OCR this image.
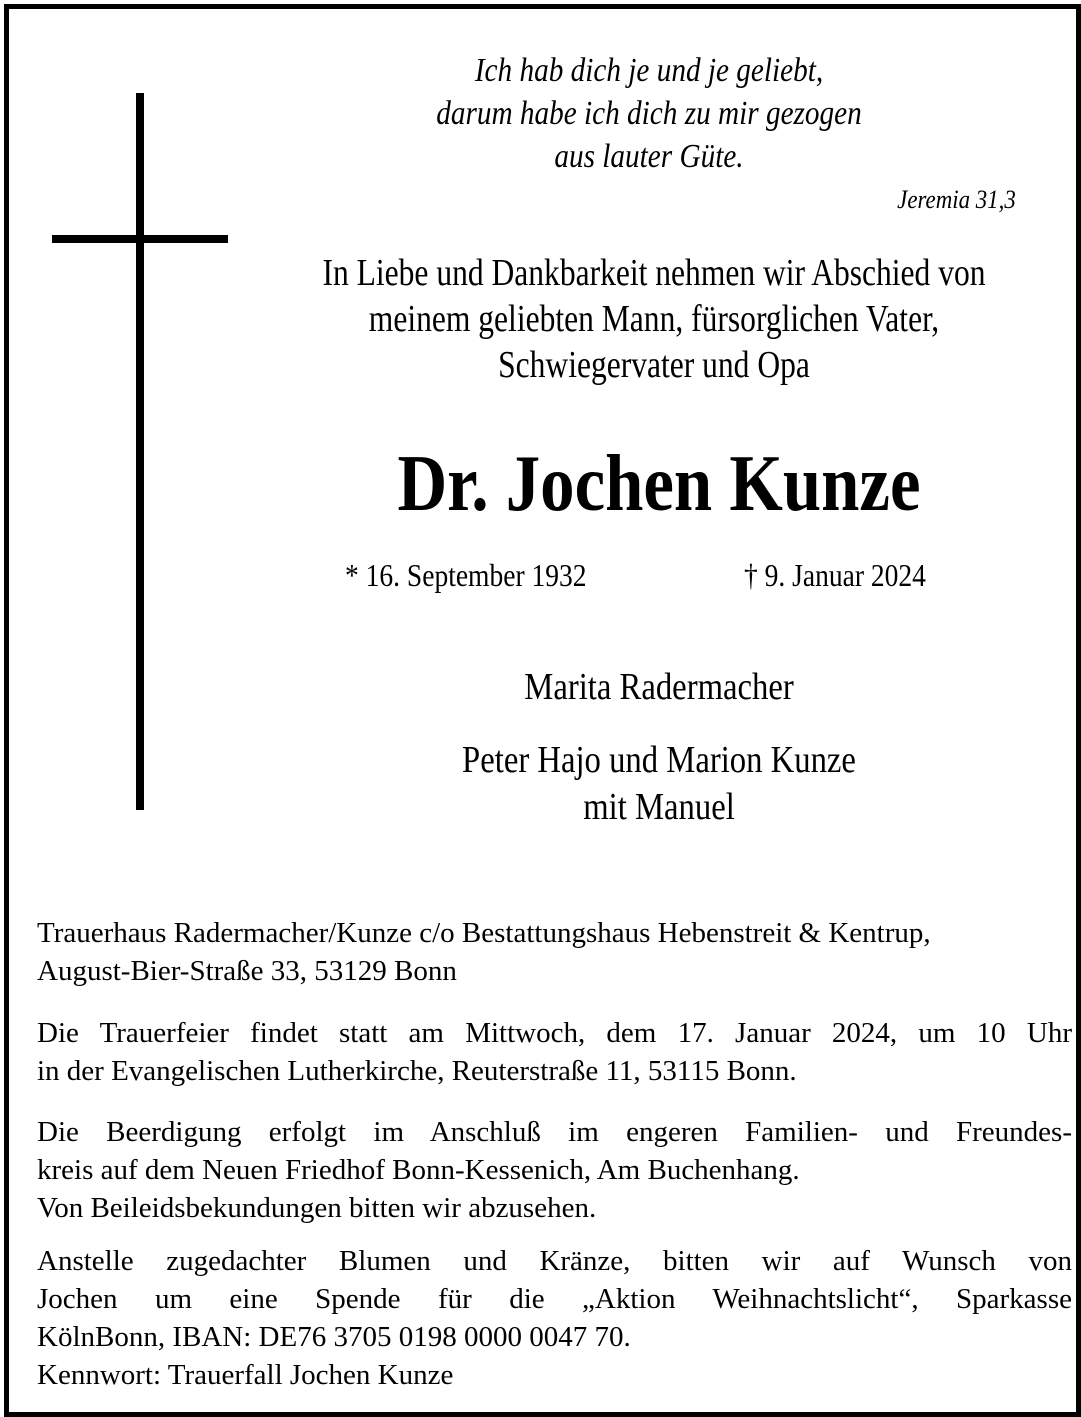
Ich hab dich je und je geliebt,
darum habe ich dich zu mir gezogen
aus lauter Güte.
Jeremia 31,3
In Liebe und Dankbarkeit nehmen wir Abschied von
meinem geliebten Mann, fürsorglichen Vater,
Schwiegervater und Opa
Dr. Jochen Kunze
* 16. September 1932	† 9. Januar 2024
Marita Radermacher
Peter Hajo und Marion Kunze
mit Manuel
Trauerhaus Radermacher/Kunze c/o Bestattungshaus Hebenstreit & Kentrup,
August-Bier-Straße 33, 53129 Bonn
Die Trauerfeier findet statt am Mittwoch, dem 17. Januar 2024, um 10 Uhr
in der Evangelischen Lutherkirche, Reuterstraße 11, 53115 Bonn.
Die Beerdigung erfolgt im Anschluß im engeren Familien- und Freundes-
kreis auf dem Neuen Friedhof Bonn-Kessenich, Am Buchenhang.
Von Beileidsbekundungen bitten wir abzusehen.
Anstelle zugedachter Blumen und Kränze, bitten wir auf Wunsch von
Jochen um eine Spende für die „Aktion Weihnachtslicht“, Sparkasse
KölnBonn, IBAN: DE76 3705 0198 0000 0047 70.
Kennwort: Trauerfall Jochen Kunze
